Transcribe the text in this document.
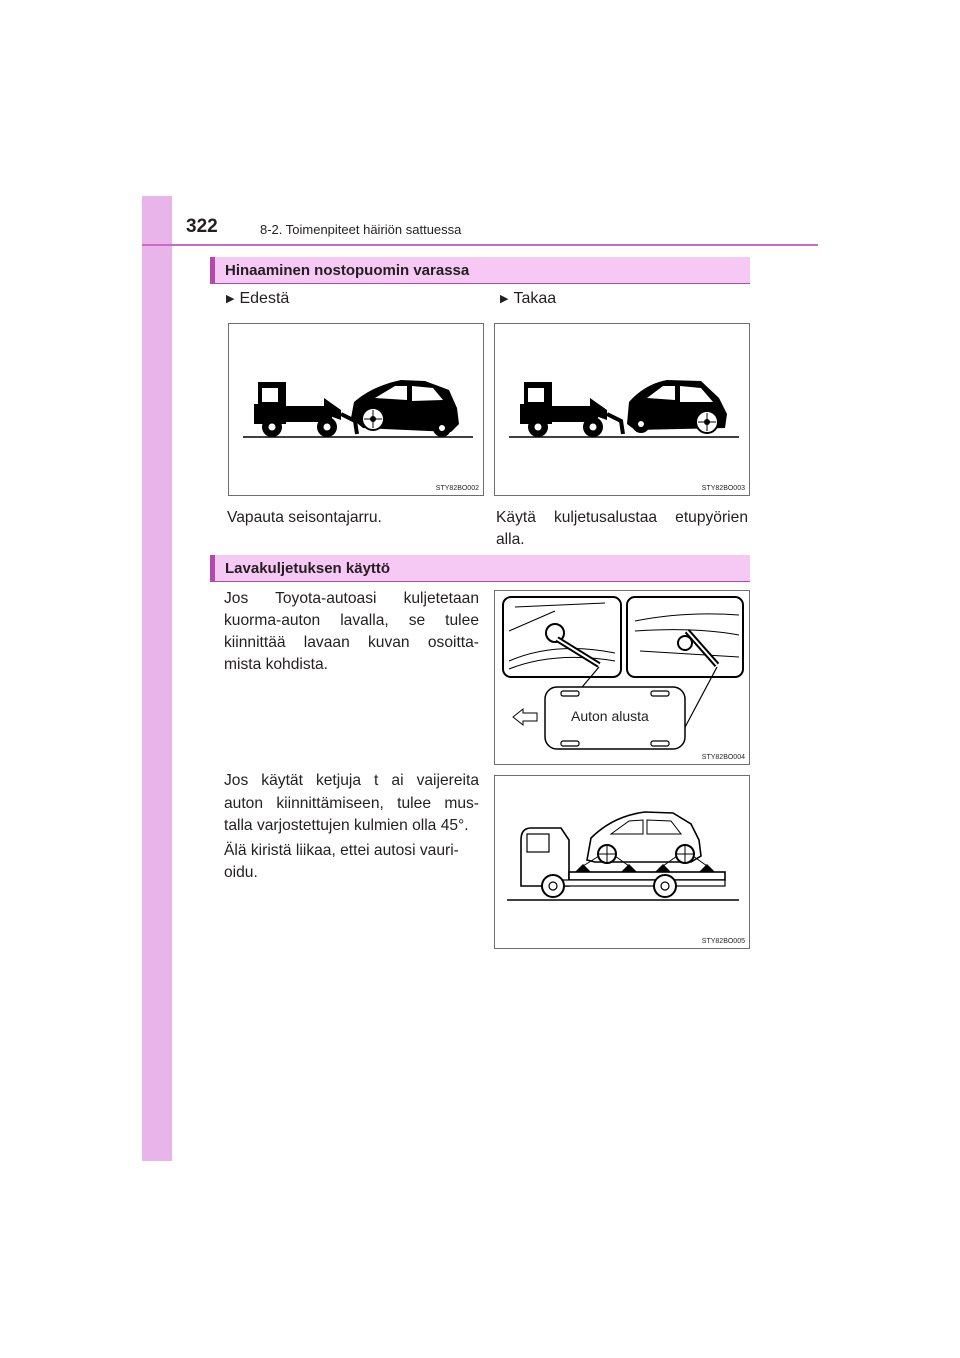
322	8-2. Toimenpiteet häiriön sattuessa
Hinaaminen nostopuomin varassa
▶ Edestä	▶ Takaa
STY82BO002	STY82BO003
Vapauta seisontajarru.	Käytä kuljetusalustaa etupyörien
alla.
Lavakuljetuksen käyttö
Jos Toyota-autoasi kuljetetaan
kuorma-auton lavalla, se tulee
kiinnittää lavaan kuvan osoitta-
mista kohdista.
Auton alusta
STY82BO004
Jos käytät ketjuja t ai vaijereita
auton kiinnittämiseen, tulee mus-
talla varjostettujen kulmien olla 45°.
Älä kiristä liikaa, ettei autosi vauri-
oidu.
STY82BO005
